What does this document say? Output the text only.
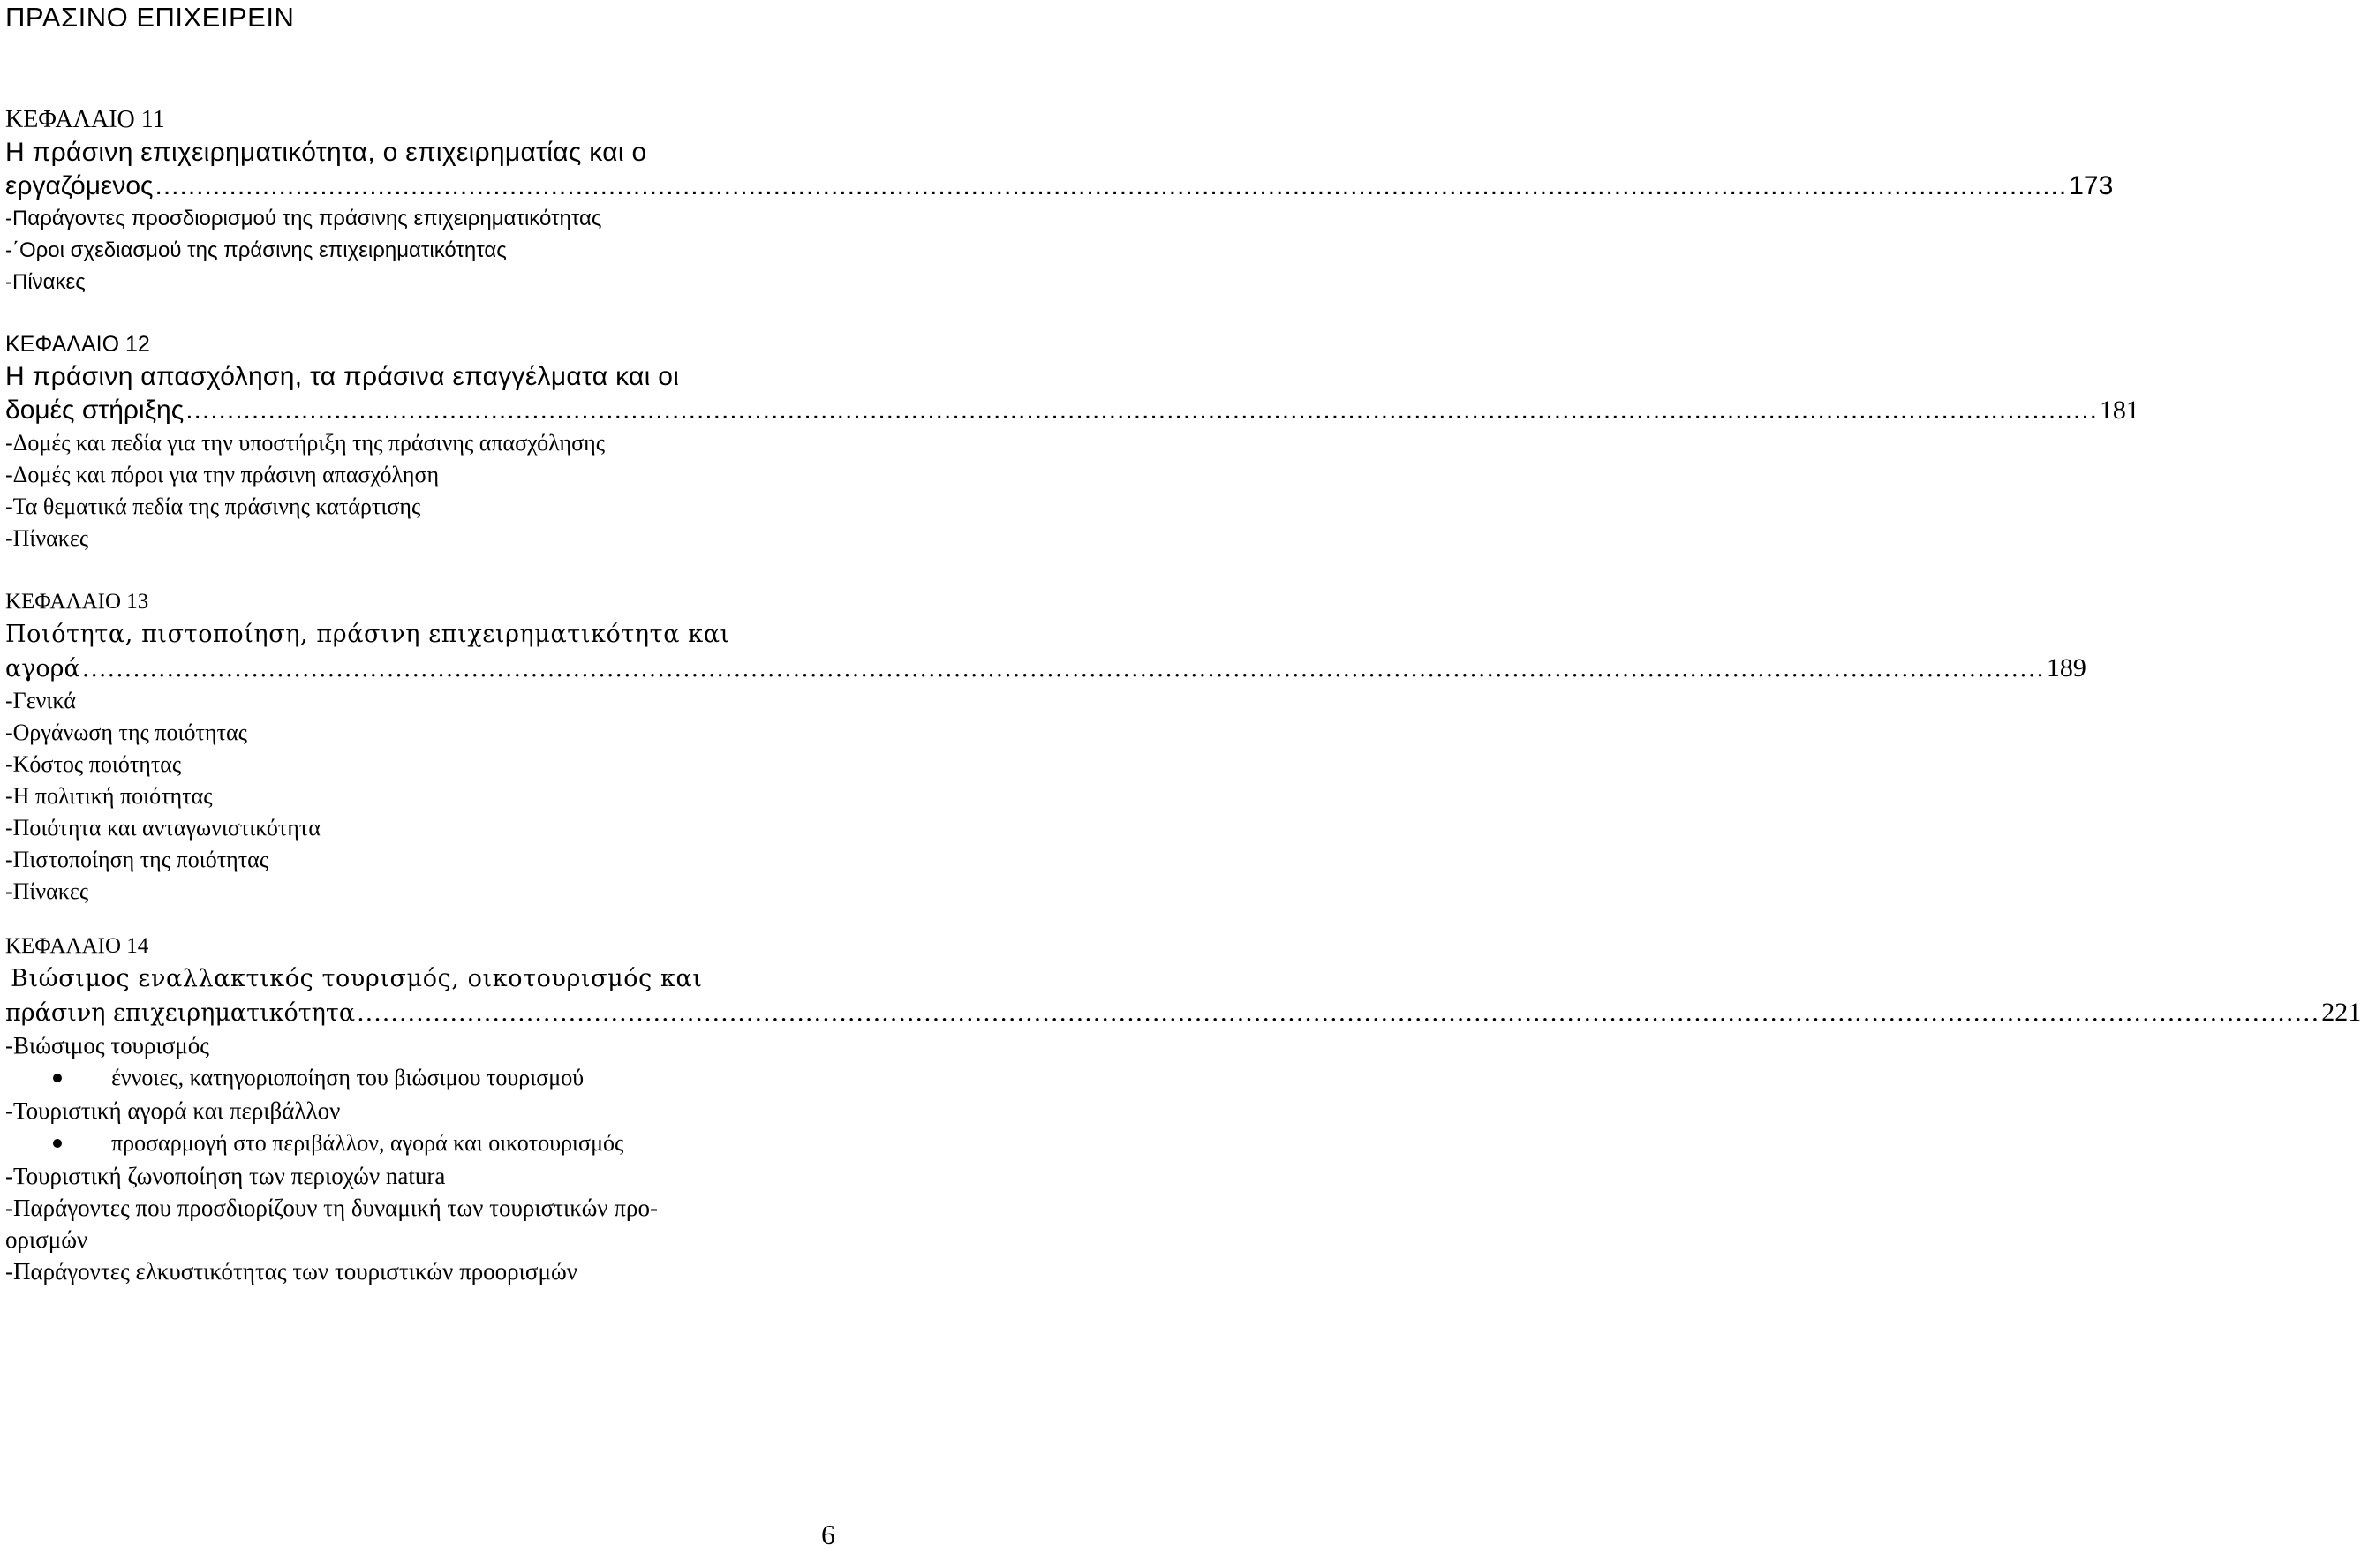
ΠΡΑΣΙΝΟ ΕΠΙΧΕΙΡΕΙΝ
ΚΕΦΑΛΑΙΟ 11
Η πράσινη επιχειρηματικότητα, ο επιχειρηματίας και ο
εργαζόμενος ........................................................................................................................................................................................................................................ 173
-Παράγοντες προσδιορισμού της πράσινης επιχειρηματικότητας
-΄Οροι σχεδιασμού της πράσινης επιχειρηματικότητας
-Πίνακες
ΚΕΦΑΛΑΙΟ 12
Η πράσινη απασχόληση, τα πράσινα επαγγέλματα και οι
δομές στήριξης ........................................................................................................................................................................................................................................ 181
-Δομές και πεδία για την υποστήριξη της πράσινης απασχόλησης
-Δομές και πόροι για την πράσινη απασχόληση
-Τα θεματικά πεδία της πράσινης κατάρτισης
-Πίνακες
ΚΕΦΑΛΑΙΟ 13
Ποιότητα, πιστοποίηση, πράσινη επιχειρηματικότητα και
αγορά ........................................................................................................................................................................................................................................ 189
-Γενικά
-Οργάνωση της ποιότητας
-Κόστος ποιότητας
-Η πολιτική ποιότητας
-Ποιότητα και ανταγωνιστικότητα
-Πιστοποίηση της ποιότητας
-Πίνακες
ΚΕΦΑΛΑΙΟ 14
Βιώσιμος εναλλακτικός τουρισμός, οικοτουρισμός και
πράσινη επιχειρηματικότητα ........................................................................................................................................................................................................................................ 221
-Βιώσιμος τουρισμός
έννοιες, κατηγοριοποίηση του βιώσιμου τουρισμού
-Τουριστική αγορά και περιβάλλον
προσαρμογή στο περιβάλλον, αγορά και οικοτουρισμός
-Τουριστική ζωνοποίηση των περιοχών natura
-Παράγοντες που προσδιορίζουν τη δυναμική των τουριστικών προ-
ορισμών
-Παράγοντες ελκυστικότητας των τουριστικών προορισμών
6
